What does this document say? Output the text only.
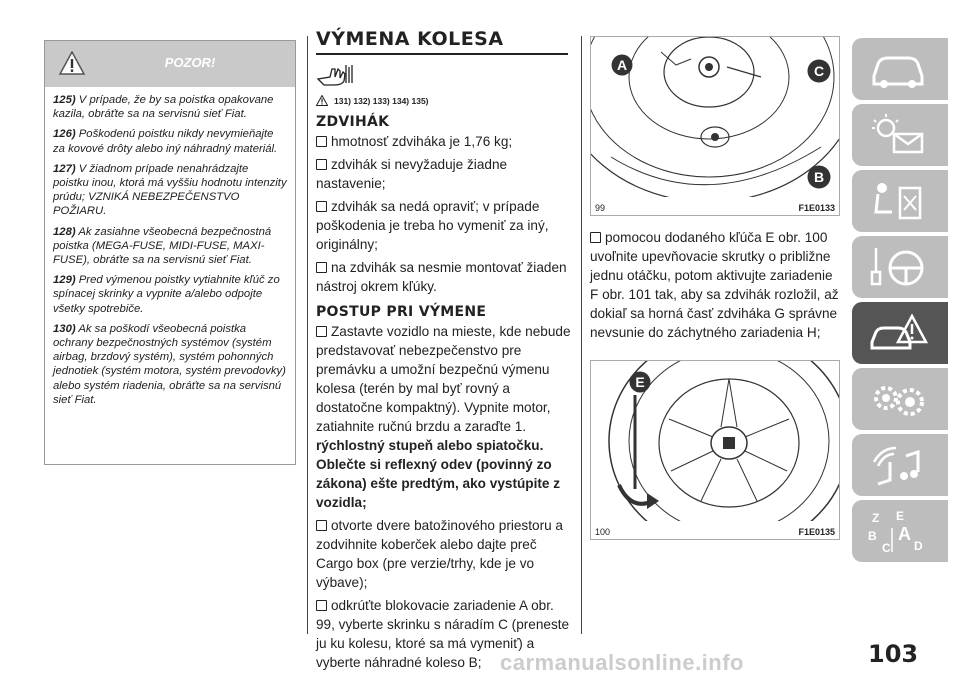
POZOR!

125) V prípade, že by sa poistka opakovane kazila, obráťte sa na servisnú sieť Fiat.

126) Poškodenú poistku nikdy nevymieňajte za kovové drôty alebo iný náhradný materiál.

127) V žiadnom prípade nenahrádzajte poistku inou, ktorá má vyššiu hodnotu intenzity prúdu; VZNIKÁ NEBEZPEČENSTVO POŽIARU.

128) Ak zasiahne všeobecná bezpečnostná poistka (MEGA-FUSE, MIDI-FUSE, MAXI-FUSE), obráťte sa na servisnú sieť Fiat.

129) Pred výmenou poistky vytiahnite kľúč zo spínacej skrinky a vypnite a/alebo odpojte všetky spotrebiče.

130) Ak sa poškodí všeobecná poistka ochrany bezpečnostných systémov (systém airbag, brzdový systém), systém pohonných jednotiek (systém motora, systém prevodovky) alebo systém riadenia, obráťte sa na servisnú sieť Fiat.

VÝMENA KOLESA
131) 132) 133) 134) 135)
ZDVIHÁK

hmotnosť zdviháka je 1,76 kg;

zdvihák si nevyžaduje žiadne nastavenie;

zdvihák sa nedá opraviť; v prípade poškodenia je treba ho vymeniť za iný, originálny;

na zdvihák sa nesmie montovať žiaden nástroj okrem kľúky.

POSTUP PRI VÝMENE

Zastavte vozidlo na mieste, kde nebude predstavovať nebezpečenstvo pre premávku a umožní bezpečnú výmenu kolesa (terén by mal byť rovný a dostatočne kompaktný). Vypnite motor, zatiahnite ručnú brzdu a zaraďte 1. rýchlostný stupeň alebo spiatočku. Oblečte si reflexný odev (povinný zo zákona) ešte predtým, ako vystúpite z vozidla;

otvorte dvere batožinového priestoru a zodvihnite koberček alebo dajte preč Cargo box (pre verzie/trhy, kde je vo výbave);

odkrúťte blokovacie zariadenie A obr. 99, vyberte skrinku s náradím C (preneste ju ku kolesu, ktoré sa má vymeniť) a vyberte náhradné koleso B;

A	C
B
99	F1E0133

pomocou dodaného kľúča E obr. 100 uvoľnite upevňovacie skrutky o približne jednu otáčku, potom aktivujte zariadenie F obr. 101 tak, aby sa zdvihák rozložil, až dokiaľ sa horná časť zdviháka G správne nevsunie do záchytného zariadenia H;

E
100	F1E0135
Z E
B A
C D
103
carmanualsonline.info
